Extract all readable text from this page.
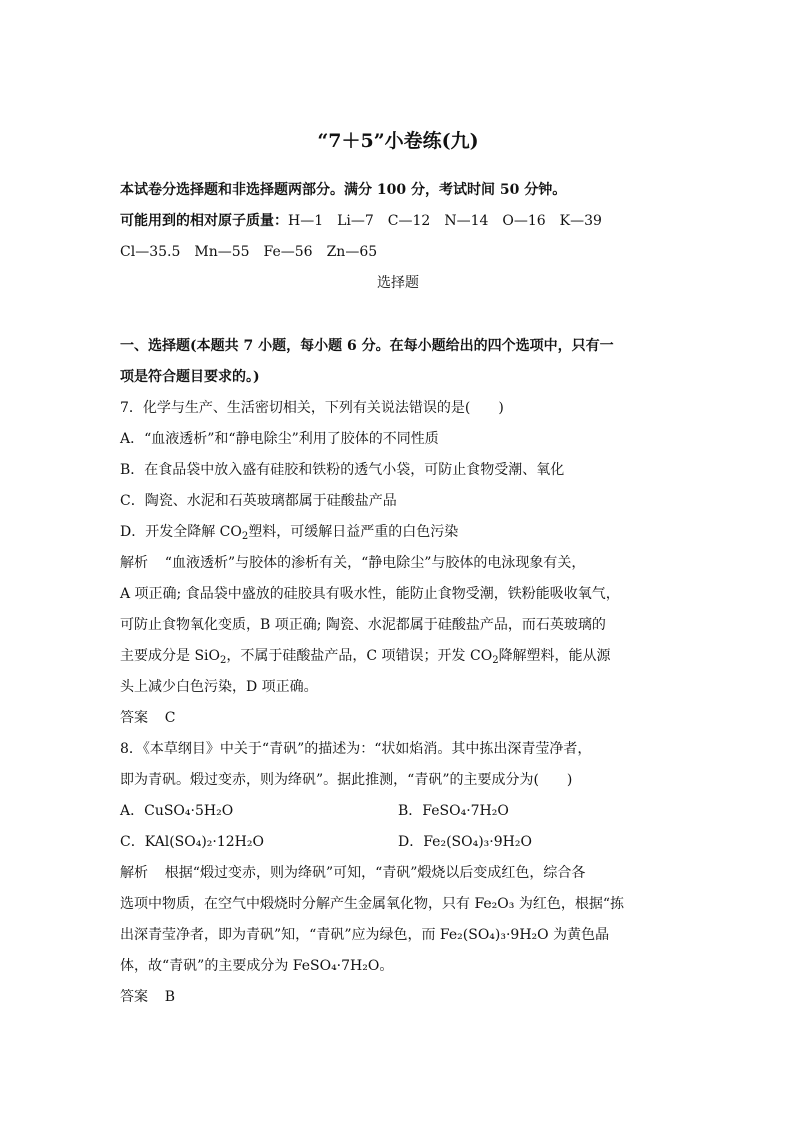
“7＋5”小卷练(九)
本试卷分选择题和非选择题两部分。满分 100 分，考试时间 50 分钟。
可能用到的相对原子质量：H—1　Li—7　C—12　N—14　O—16　K—39
Cl—35.5　Mn—55　Fe—56　Zn—65
选择题
一、选择题(本题共 7 小题，每小题 6 分。在每小题给出的四个选项中，只有一
项是符合题目要求的。)
7．化学与生产、生活密切相关，下列有关说法错误的是(　　)
A．“血液透析”和“静电除尘”利用了胶体的不同性质
B．在食品袋中放入盛有硅胶和铁粉的透气小袋，可防止食物受潮、氧化
C．陶瓷、水泥和石英玻璃都属于硅酸盐产品
D．开发全降解 $CO_2$塑料，可缓解日益严重的白色污染
解析 “血液透析”与胶体的渗析有关，“静电除尘”与胶体的电泳现象有关，
A 项正确; 食品袋中盛放的硅胶具有吸水性，能防止食物受潮，铁粉能吸收氧气，
可防止食物氧化变质，B 项正确; 陶瓷、水泥都属于硅酸盐产品，而石英玻璃的
主要成分是 SiO$_2$，不属于硅酸盐产品，C 项错误；开发 $CO_2$降解塑料，能从源
头上减少白色污染，D 项正确。
答案 C
8．《本草纲目》中关于“青矾”的描述为：“状如焰消。其中拣出深青莹净者，
即为青矾。煅过变赤，则为绛矾”。据此推测，“青矾”的主要成分为(　　)
A．CuSO₄·5H₂O	B．FeSO₄·7H₂O
C．KAl(SO₄)₂·12H₂O	D．Fe₂(SO₄)₃·9H₂O
解析 根据“煅过变赤，则为绛矾”可知，“青矾”煅烧以后变成红色，综合各
选项中物质，在空气中煅烧时分解产生金属氧化物，只有 Fe₂O₃ 为红色，根据“拣
出深青莹净者，即为青矾”知，“青矾”应为绿色，而 Fe₂(SO₄)₃·9H₂O 为黄色晶
体，故“青矾”的主要成分为 FeSO₄·7H₂O。
答案 B
